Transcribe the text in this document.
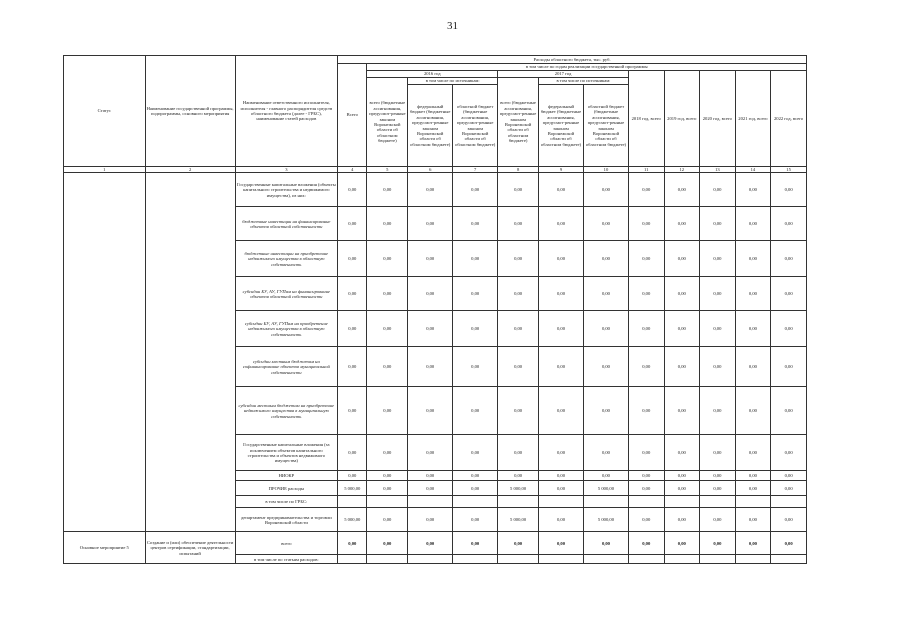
31
Статус	Наименование государственной программы, подпрограммы, основного мероприятия	Наименование ответственного исполнителя, исполнителя - главного распорядителя средств областного бюджета (далее - ГРБС), наименование статей расходов	Расходы областного бюджета, тыс. руб.											
			Всего	в том числе по годам реализации государственной программы										
				2016 год			2017 год			2018 год, всего	2019 год, всего	2020 год, всего	2021 год, всего	2022 год, всего
				всего (бюджетные ассигнования, предусмот-ренные законом Воронежской области об областном бюджете)	в том числе по источникам:		всего (бюджетные ассигнования, предусмот-ренные законом Воронежской области об областном бюджете)	в том числе по источникам:						
					федеральный бюджет (бюджетные ассигнования, предусмот-ренные законом Воронежской области об областном бюджете)	областной бюджет (бюджетные ассигнования, предусмот-ренные законом Воронежской области об областном бюджете)		федеральный бюджет (бюджетные ассигнования, предусмот-ренные законом Воронежской области об областном бюджете)	областной бюджет (бюджетные ассигнования, предусмот-ренные законом Воронежской области об областном бюджете)					

1	2	3	4	5	6	7	8	9	10	11	12	13	14	15
		Государственные капитальные вложения (объекты капитального строительства и недвижимого имущества), из них:	0,00	0,00	0,00	0,00	0,00	0,00	0,00	0,00	0,00	0,00	0,00	0,00
		бюджетные инвестиции на финансирование объектов областной собственности	0,00	0,00	0,00	0,00	0,00	0,00	0,00	0,00	0,00	0,00	0,00	0,00
		бюджетные инвестиции на приобретение недвижимого имущества в областную собственность	0,00	0,00	0,00	0,00	0,00	0,00	0,00	0,00	0,00	0,00	0,00	0,00
		субсидии БУ, АУ, ГУПам на финансирование объектов областной собственности	0,00	0,00	0,00	0,00	0,00	0,00	0,00	0,00	0,00	0,00	0,00	0,00
		субсидии БУ, АУ, ГУПам на приобретение недвижимого имущества в областную собственность	0,00	0,00	0,00	0,00	0,00	0,00	0,00	0,00	0,00	0,00	0,00	0,00
		субсидии местным бюджетам на софинансирование объектов муниципальной собственности	0,00	0,00	0,00	0,00	0,00	0,00	0,00	0,00	0,00	0,00	0,00	0,00
		субсидии местным бюджетам на приобретение недвижимого имущества в муниципальную собственность	0,00	0,00	0,00	0,00	0,00	0,00	0,00	0,00	0,00	0,00	0,00	0,00
		Государственные капитальные вложения (за исключением объектов капитального строительства и объектов недвижимого имущества)	0,00	0,00	0,00	0,00	0,00	0,00	0,00	0,00	0,00	0,00	0,00	0,00
		НИОКР	0,00	0,00	0,00	0,00	0,00	0,00	0,00	0,00	0,00	0,00	0,00	0,00
		ПРОЧИЕ расходы	5 000,00	0,00	0,00	0,00	5 000,00	0,00	5 000,00	0,00	0,00	0,00	0,00	0,00
		в том числе по ГРБС:												
		департамент предпринимательства и торговли Воронежской области	5 000,00	0,00	0,00	0,00	5 000,00	0,00	5 000,00	0,00	0,00	0,00	0,00	0,00
Основное мероприятие 5	Создание и (или) обеспечение деятельности центров сертификации, стандартизации, испытаний	всего	0,00	0,00	0,00	0,00	0,00	0,00	0,00	0,00	0,00	0,00	0,00	0,00
		в том числе по статьям расходов:												
